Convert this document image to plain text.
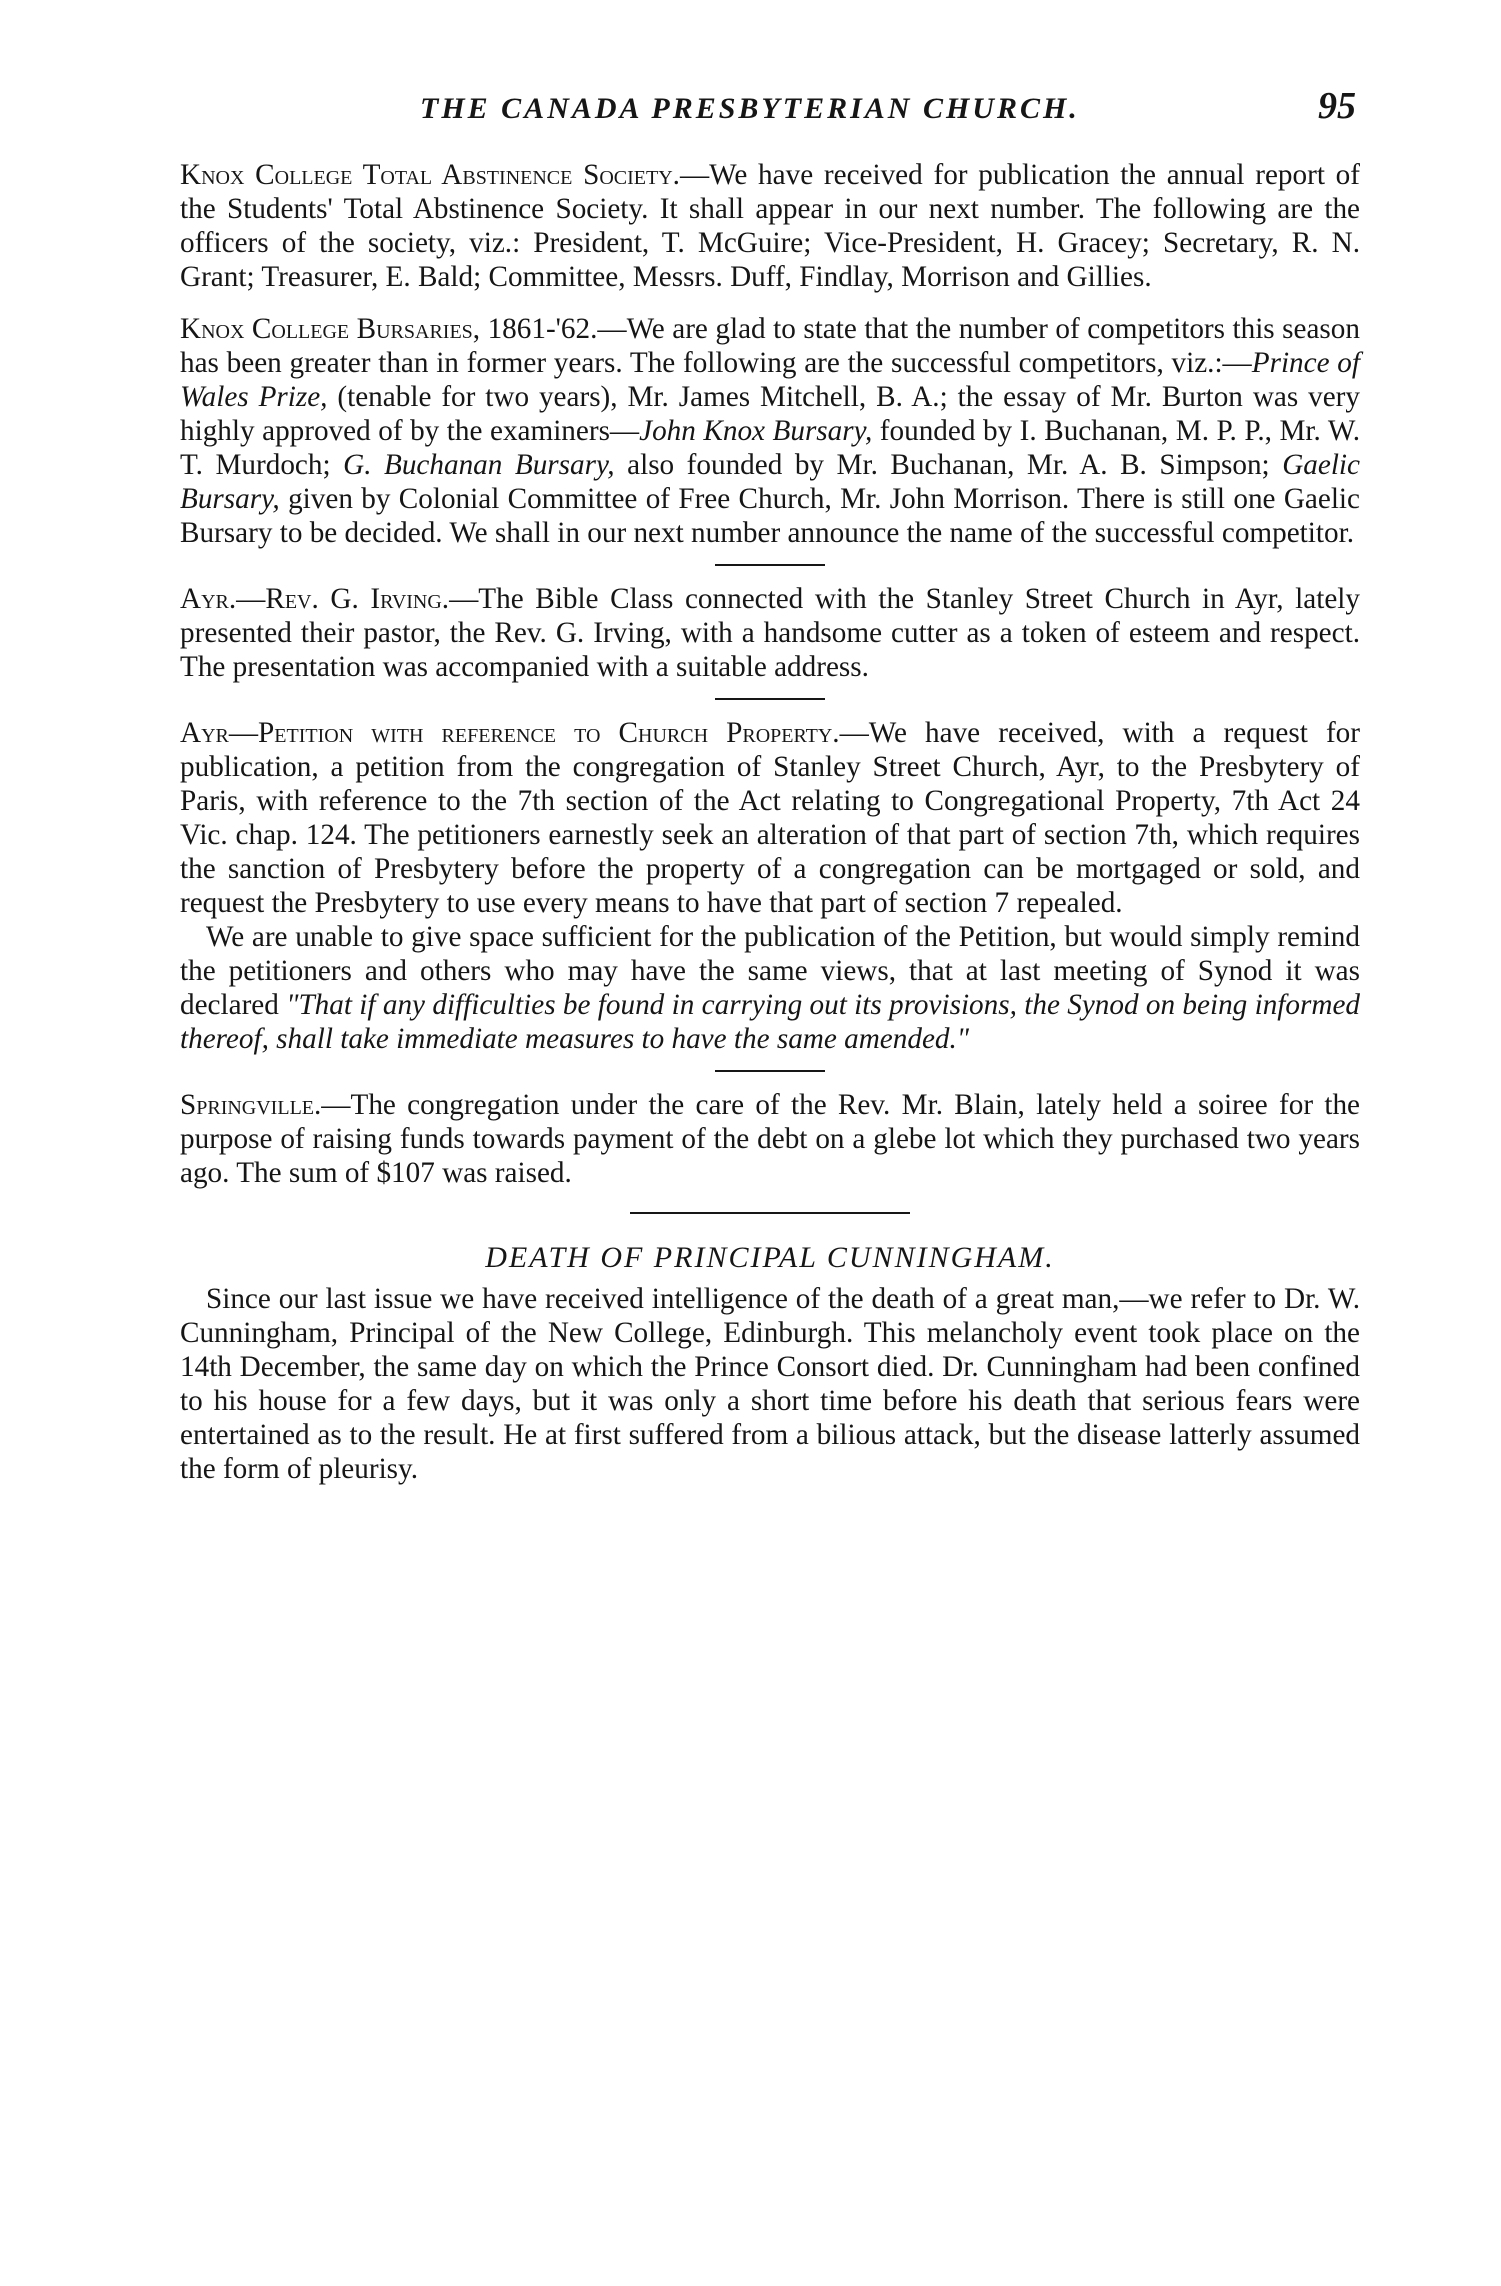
THE CANADA PRESBYTERIAN CHURCH.	95

Knox College Total Abstinence Society.—We have received for publication the annual report of the Students' Total Abstinence Society. It shall appear in our next number. The following are the officers of the society, viz.: President, T. McGuire; Vice-President, H. Gracey; Secretary, R. N. Grant; Treasurer, E. Bald; Committee, Messrs. Duff, Findlay, Morrison and Gillies.

Knox College Bursaries, 1861-'62.—We are glad to state that the number of competitors this season has been greater than in former years. The following are the successful competitors, viz.:—Prince of Wales Prize, (tenable for two years), Mr. James Mitchell, B. A.; the essay of Mr. Burton was very highly approved of by the examiners—John Knox Bursary, founded by I. Buchanan, M. P. P., Mr. W. T. Murdoch; G. Buchanan Bursary, also founded by Mr. Buchanan, Mr. A. B. Simpson; Gaelic Bursary, given by Colonial Committee of Free Church, Mr. John Morrison. There is still one Gaelic Bursary to be decided. We shall in our next number announce the name of the successful competitor.

Ayr.—Rev. G. Irving.—The Bible Class connected with the Stanley Street Church in Ayr, lately presented their pastor, the Rev. G. Irving, with a handsome cutter as a token of esteem and respect. The presentation was accompanied with a suitable address.

Ayr—Petition with reference to Church Property.—We have received, with a request for publication, a petition from the congregation of Stanley Street Church, Ayr, to the Presbytery of Paris, with reference to the 7th section of the Act relating to Congregational Property, 7th Act 24 Vic. chap. 124. The petitioners earnestly seek an alteration of that part of section 7th, which requires the sanction of Presbytery before the property of a congregation can be mortgaged or sold, and request the Presbytery to use every means to have that part of section 7 repealed.

We are unable to give space sufficient for the publication of the Petition, but would simply remind the petitioners and others who may have the same views, that at last meeting of Synod it was declared "That if any difficulties be found in carrying out its provisions, the Synod on being informed thereof, shall take immediate measures to have the same amended."

Springville.—The congregation under the care of the Rev. Mr. Blain, lately held a soiree for the purpose of raising funds towards payment of the debt on a glebe lot which they purchased two years ago. The sum of $107 was raised.

DEATH OF PRINCIPAL CUNNINGHAM.

Since our last issue we have received intelligence of the death of a great man,—we refer to Dr. W. Cunningham, Principal of the New College, Edinburgh. This melancholy event took place on the 14th December, the same day on which the Prince Consort died. Dr. Cunningham had been confined to his house for a few days, but it was only a short time before his death that serious fears were entertained as to the result. He at first suffered from a bilious attack, but the disease latterly assumed the form of pleurisy.
